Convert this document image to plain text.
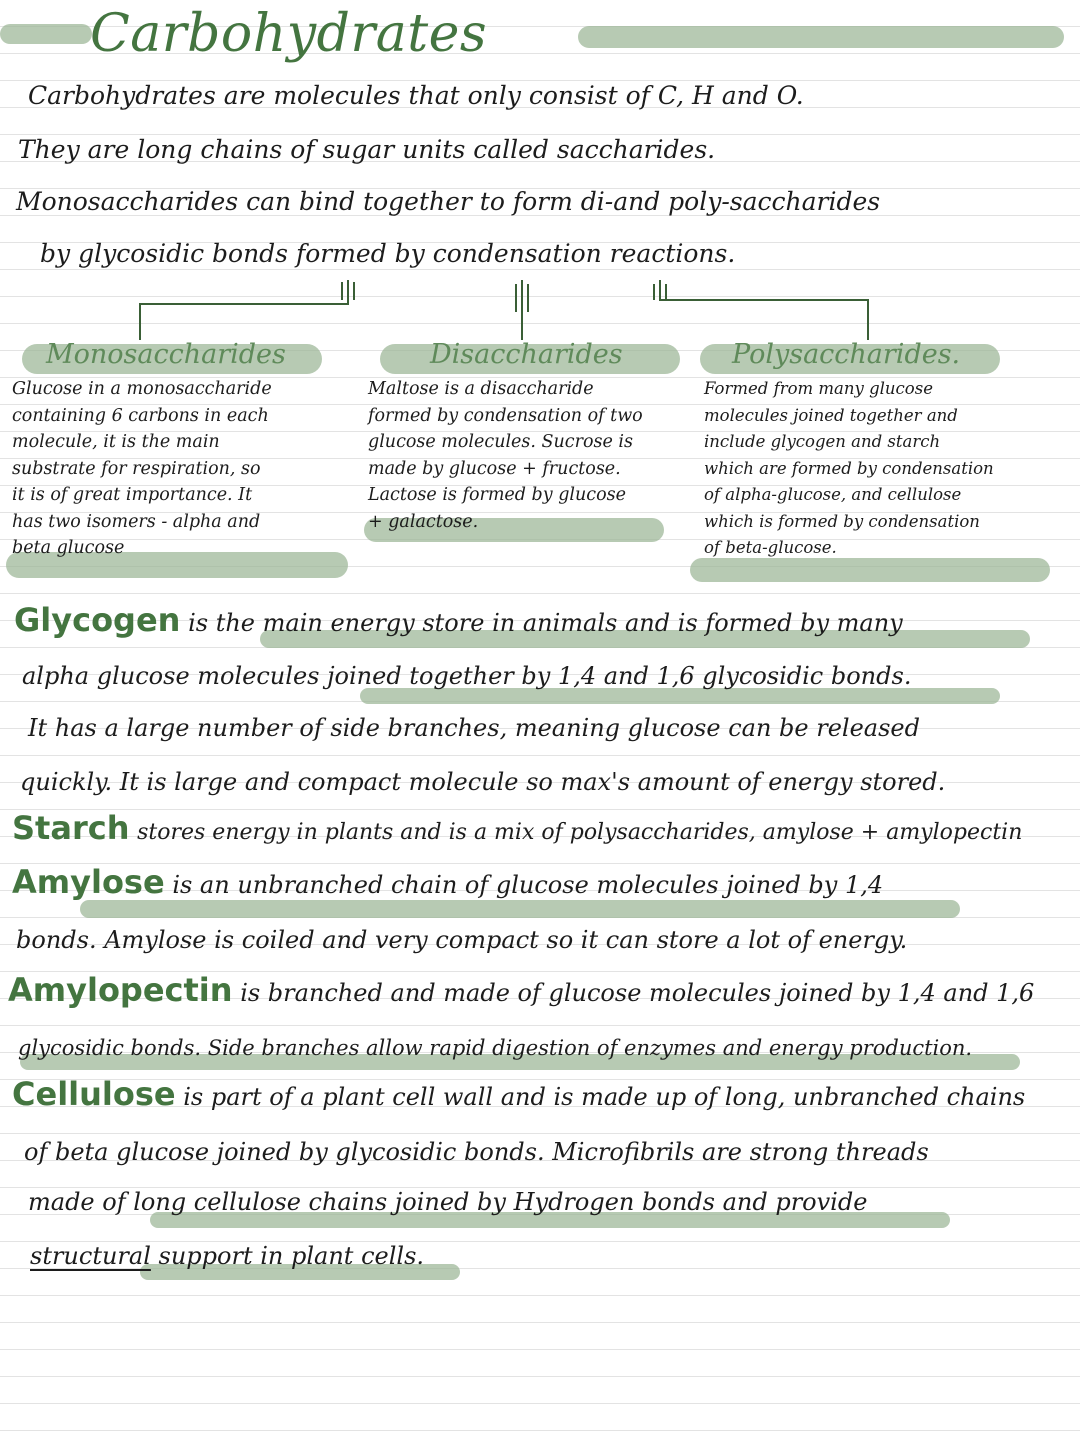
Carbohydrates

Carbohydrates are molecules that only consist of C, H and O.

They are long chains of sugar units called saccharides.

Monosaccharides can bind together to form di-and poly-saccharides

by glycosidic bonds formed by condensation reactions.

Monosaccharides	Disaccharides	Polysaccharides.

Glucose in a monosaccharide
containing 6 carbons in each
molecule, it is the main
substrate for respiration, so
it is of great importance. It
has two isomers - alpha and
beta glucose
Maltose is a disaccharide
formed by condensation of two
glucose molecules. Sucrose is
made by glucose + fructose.
Lactose is formed by glucose
+ galactose.
Formed from many glucose
molecules joined together and
include glycogen and starch
which are formed by condensation
of alpha-glucose, and cellulose
which is formed by condensation
of beta-glucose.

Glycogen is the main energy store in animals and is formed by many

alpha glucose molecules joined together by 1,4 and 1,6 glycosidic bonds.

It has a large number of side branches, meaning glucose can be released

quickly. It is large and compact molecule so max's amount of energy stored.

Starch stores energy in plants and is a mix of polysaccharides, amylose + amylopectin

Amylose is an unbranched chain of glucose molecules joined by 1,4

bonds. Amylose is coiled and very compact so it can store a lot of energy.

Amylopectin is branched and made of glucose molecules joined by 1,4 and 1,6

glycosidic bonds. Side branches allow rapid digestion of enzymes and energy production.

Cellulose is part of a plant cell wall and is made up of long, unbranched chains

of beta glucose joined by glycosidic bonds. Microfibrils are strong threads

made of long cellulose chains joined by Hydrogen bonds and provide

structural support in plant cells.
